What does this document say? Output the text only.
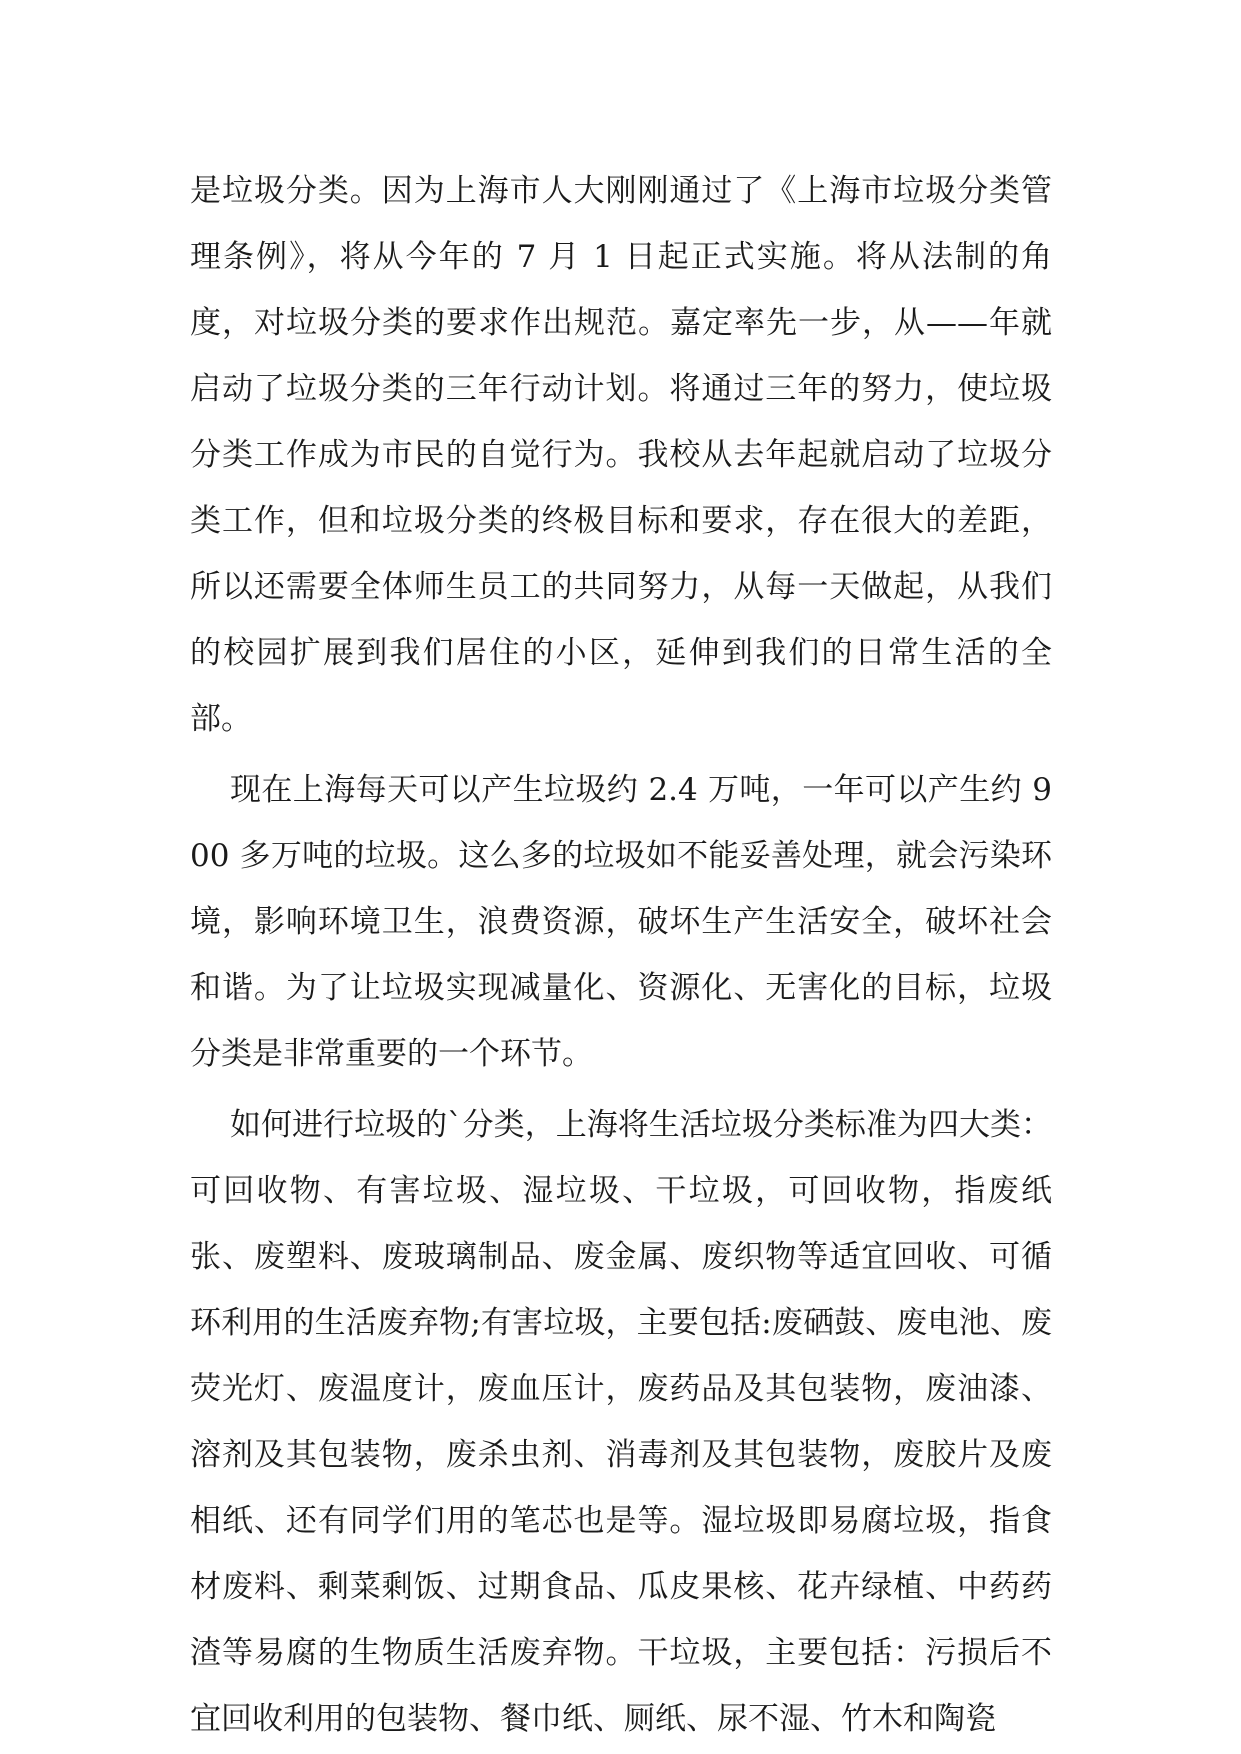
是垃圾分类。因为上海市人大刚刚通过了《上海市垃圾分类管理条例》，将从今年的 7 月 1 日起正式实施。将从法制的角度，对垃圾分类的要求作出规范。嘉定率先一步，从——年就启动了垃圾分类的三年行动计划。将通过三年的努力，使垃圾分类工作成为市民的自觉行为。我校从去年起就启动了垃圾分类工作，但和垃圾分类的终极目标和要求，存在很大的差距，所以还需要全体师生员工的共同努力，从每一天做起，从我们的校园扩展到我们居住的小区，延伸到我们的日常生活的全部。

现在上海每天可以产生垃圾约 2.4 万吨，一年可以产生约 900 多万吨的垃圾。这么多的垃圾如不能妥善处理，就会污染环境，影响环境卫生，浪费资源，破坏生产生活安全，破坏社会和谐。为了让垃圾实现减量化、资源化、无害化的目标，垃圾分类是非常重要的一个环节。

如何进行垃圾的`分类，上海将生活垃圾分类标准为四大类：可回收物、有害垃圾、湿垃圾、干垃圾，可回收物，指废纸张、废塑料、废玻璃制品、废金属、废织物等适宜回收、可循环利用的生活废弃物;有害垃圾，主要包括:废硒鼓、废电池、废荧光灯、废温度计，废血压计，废药品及其包装物，废油漆、溶剂及其包装物，废杀虫剂、消毒剂及其包装物，废胶片及废相纸、还有同学们用的笔芯也是等。湿垃圾即易腐垃圾，指食材废料、剩菜剩饭、过期食品、瓜皮果核、花卉绿植、中药药渣等易腐的生物质生活废弃物。干垃圾，主要包括：污损后不宜回收利用的包装物、餐巾纸、厕纸、尿不湿、竹木和陶瓷
